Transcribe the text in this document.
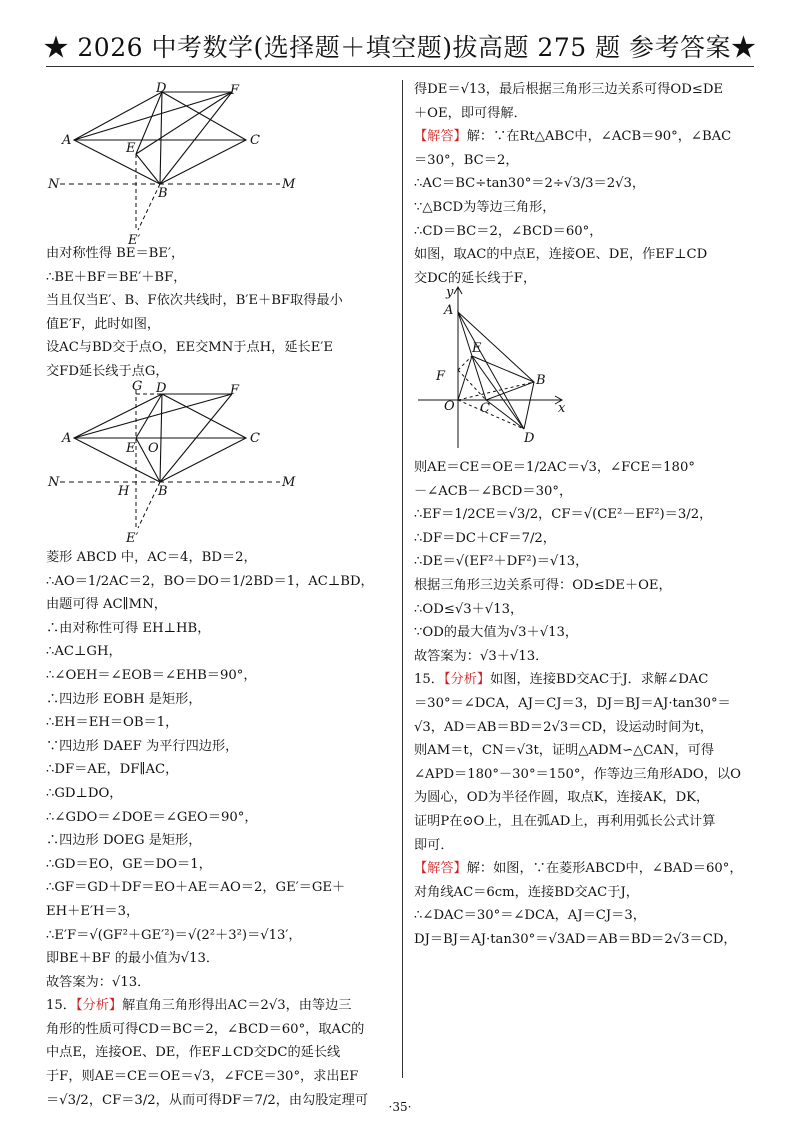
★ 2026 中考数学(选择题＋填空题)拔高题 275 题 参考答案★
D	F
A	C
E
N
B
M
E′
由对称性得 BE＝BE′，
∴BE＋BF＝BE′＋BF，
当且仅当E′、B、F依次共线时，B′E＋BF取得最小
值E′F，此时如图，
设AC与BD交于点O，EE交MN于点H，延长E′E
交FD延长线于点G，
G D	F
A	C
E O
N
H B
M
E′
菱形 ABCD 中，AC＝4，BD＝2，
∴AO＝1/2AC＝2，BO＝DO＝1/2BD＝1，AC⊥BD，
由题可得 AC∥MN，
∴由对称性可得 EH⊥HB，
∴AC⊥GH，
∴∠OEH＝∠EOB＝∠EHB＝90°，
∴四边形 EOBH 是矩形，
∴EH＝EH＝OB＝1，
∵四边形 DAEF 为平行四边形，
∴DF＝AE，DF∥AC，
∴GD⊥DO，
∴∠GDO＝∠DOE＝∠GEO＝90°，
∴四边形 DOEG 是矩形，
∴GD＝EO，GE＝DO＝1，
∴GF＝GD＋DF＝EO＋AE＝AO＝2，GE′＝GE＋
EH＋E′H＝3，
∴E′F＝√(GF²＋GE′²)＝√(2²＋3²)＝√13′，
即BE＋BF 的最小值为√13．
故答案为：√13．
15．【分析】解直角三角形得出AC＝2√3，由等边三
角形的性质可得CD＝BC＝2，∠BCD＝60°，取AC的
中点E，连接OE、DE，作EF⊥CD交DC的延长线
于F，则AE＝CE＝OE＝√3，∠FCE＝30°，求出EF
＝√3/2，CF＝3/2，从而可得DF＝7/2，由勾股定理可
得DE＝√13，最后根据三角形三边关系可得OD≤DE
＋OE，即可得解．
【解答】解：∵在Rt△ABC中，∠ACB＝90°，∠BAC
＝30°，BC＝2，
∴AC＝BC÷tan30°＝2÷√3/3＝2√3，
∵△BCD为等边三角形，
∴CD＝BC＝2，∠BCD＝60°，
如图，取AC的中点E，连接OE、DE，作EF⊥CD
交DC的延长线于F，
y
A
E
F	B
O C	x
D
则AE＝CE＝OE＝1/2AC＝√3，∠FCE＝180°
－∠ACB－∠BCD＝30°，
∴EF＝1/2CE＝√3/2，CF＝√(CE²－EF²)＝3/2，
∴DF＝DC＋CF＝7/2，
∴DE＝√(EF²＋DF²)＝√13，
根据三角形三边关系可得：OD≤DE＋OE，
∴OD≤√3＋√13，
∵OD的最大值为√3＋√13，
故答案为：√3＋√13．
15．【分析】如图，连接BD交AC于J．求解∠DAC
＝30°＝∠DCA，AJ＝CJ＝3，DJ＝BJ＝AJ·tan30°＝
√3，AD＝AB＝BD＝2√3＝CD，设运动时间为t，
则AM＝t，CN＝√3t，证明△ADM∽△CAN，可得
∠APD＝180°－30°＝150°，作等边三角形ADO，以O
为圆心，OD为半径作圆，取点K，连接AK，DK，
证明P在⊙O上，且在弧AD上，再利用弧长公式计算
即可．
【解答】解：如图，∵在菱形ABCD中，∠BAD＝60°，
对角线AC＝6cm，连接BD交AC于J，
∴∠DAC＝30°＝∠DCA，AJ＝CJ＝3，
DJ＝BJ＝AJ·tan30°＝√3AD＝AB＝BD＝2√3＝CD，
·35·
